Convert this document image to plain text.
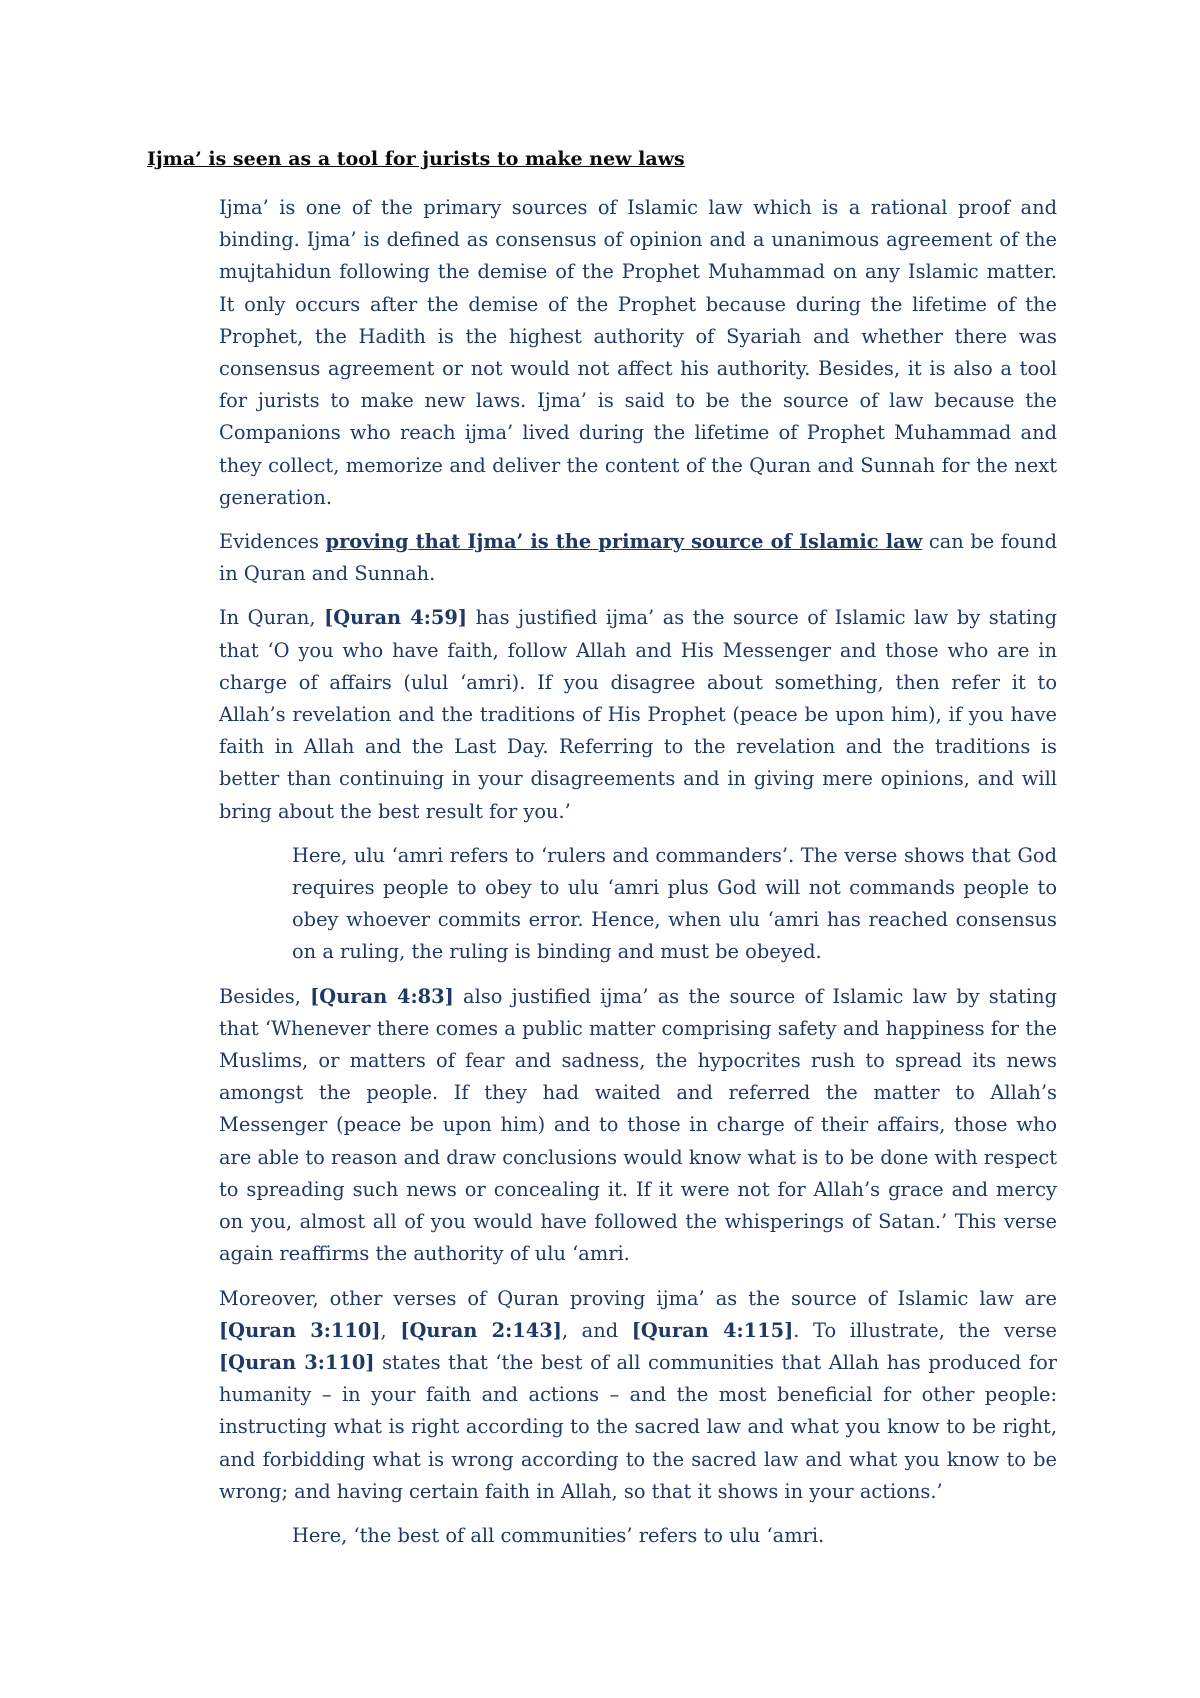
Ijma’ is seen as a tool for jurists to make new laws

Ijma’ is one of the primary sources of Islamic law which is a rational proof and binding. Ijma’ is defined as consensus of opinion and a unanimous agreement of the mujtahidun following the demise of the Prophet Muhammad on any Islamic matter. It only occurs after the demise of the Prophet because during the lifetime of the Prophet, the Hadith is the highest authority of Syariah and whether there was consensus agreement or not would not affect his authority. Besides, it is also a tool for jurists to make new laws. Ijma’ is said to be the source of law because the Companions who reach ijma’ lived during the lifetime of Prophet Muhammad and they collect, memorize and deliver the content of the Quran and Sunnah for the next generation.

Evidences proving that Ijma’ is the primary source of Islamic law can be found in Quran and Sunnah.

In Quran, [Quran 4:59] has justified ijma’ as the source of Islamic law by stating that ‘O you who have faith, follow Allah and His Messenger and those who are in charge of affairs (ulul ‘amri). If you disagree about something, then refer it to Allah’s revelation and the traditions of His Prophet (peace be upon him), if you have faith in Allah and the Last Day. Referring to the revelation and the traditions is better than continuing in your disagreements and in giving mere opinions, and will bring about the best result for you.’

Here, ulu ‘amri refers to ‘rulers and commanders’. The verse shows that God requires people to obey to ulu ‘amri plus God will not commands people to obey whoever commits error. Hence, when ulu ‘amri has reached consensus on a ruling, the ruling is binding and must be obeyed.

Besides, [Quran 4:83] also justified ijma’ as the source of Islamic law by stating that ‘Whenever there comes a public matter comprising safety and happiness for the Muslims, or matters of fear and sadness, the hypocrites rush to spread its news amongst the people. If they had waited and referred the matter to Allah’s Messenger (peace be upon him) and to those in charge of their affairs, those who are able to reason and draw conclusions would know what is to be done with respect to spreading such news or concealing it. If it were not for Allah’s grace and mercy on you, almost all of you would have followed the whisperings of Satan.’ This verse again reaffirms the authority of ulu ‘amri.

Moreover, other verses of Quran proving ijma’ as the source of Islamic law are [Quran 3:110], [Quran 2:143], and [Quran 4:115]. To illustrate, the verse [Quran 3:110] states that ‘the best of all communities that Allah has produced for humanity – in your faith and actions – and the most beneficial for other people: instructing what is right according to the sacred law and what you know to be right, and forbidding what is wrong according to the sacred law and what you know to be wrong; and having certain faith in Allah, so that it shows in your actions.’

Here, ‘the best of all communities’ refers to ulu ‘amri.
